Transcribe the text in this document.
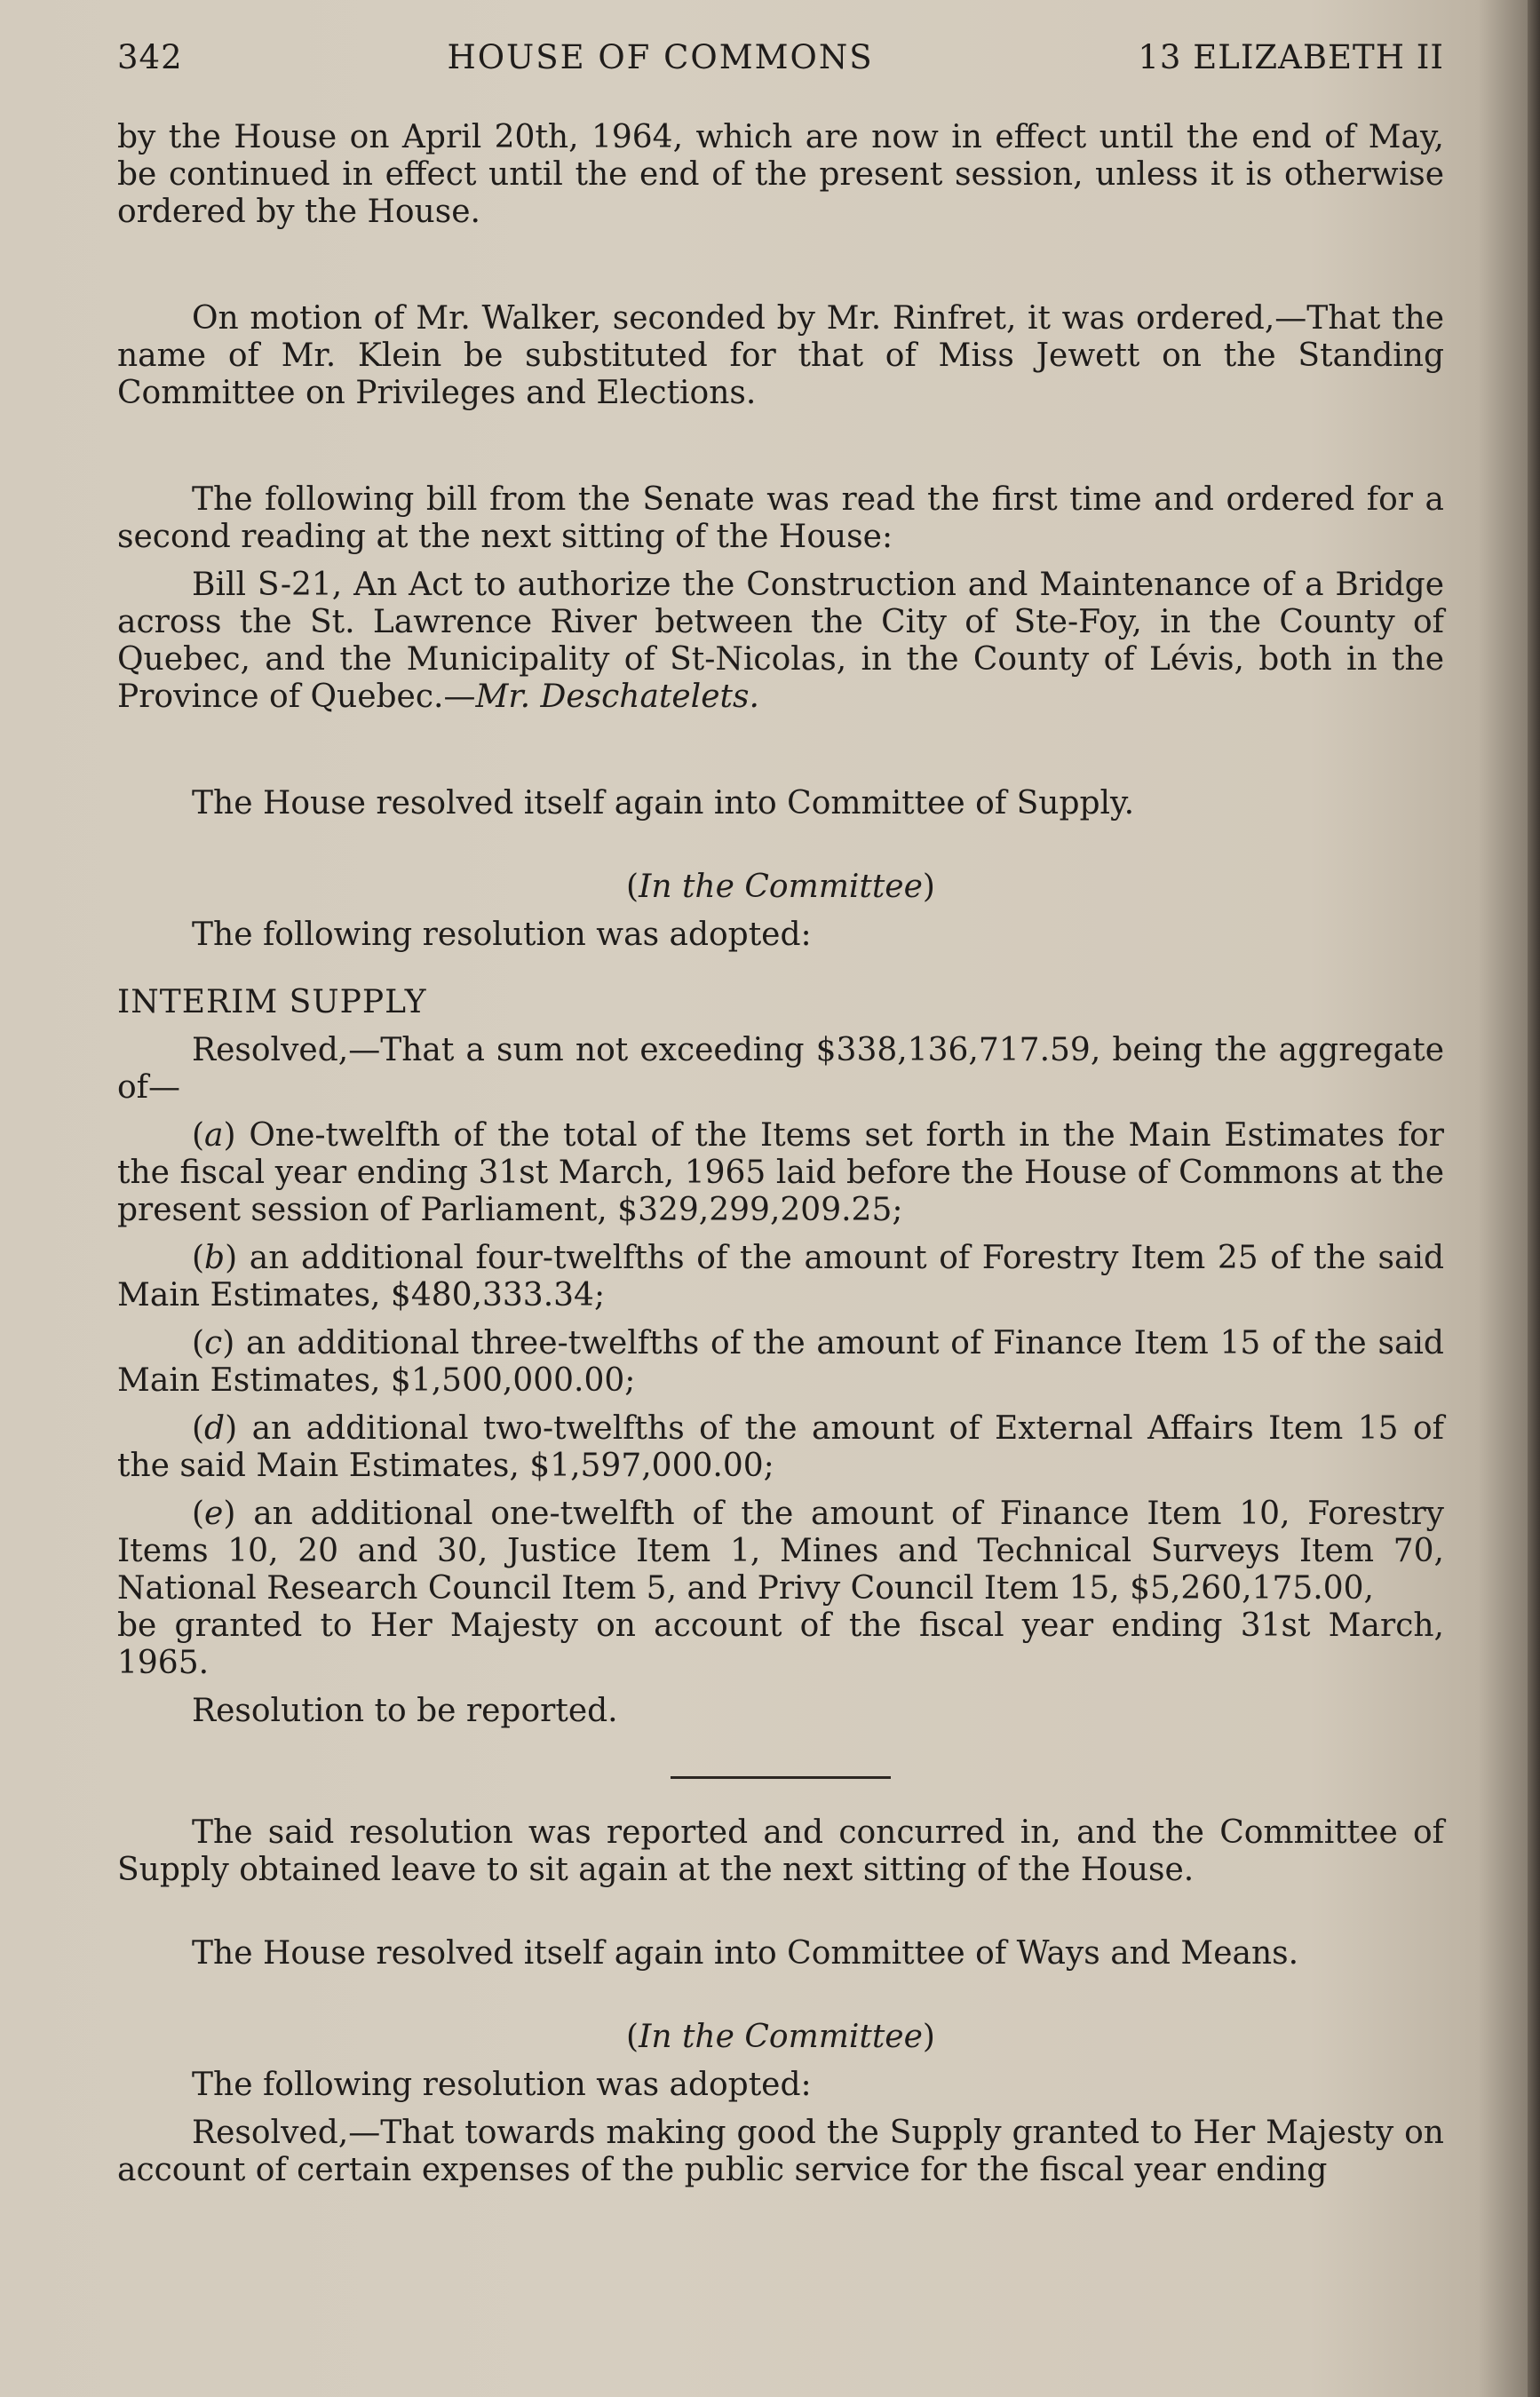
342	HOUSE OF COMMONS	13 ELIZABETH II

by the House on April 20th, 1964, which are now in effect until the end of May, be continued in effect until the end of the present session, unless it is otherwise ordered by the House.

On motion of Mr. Walker, seconded by Mr. Rinfret, it was ordered,—That the name of Mr. Klein be substituted for that of Miss Jewett on the Standing Committee on Privileges and Elections.

The following bill from the Senate was read the first time and ordered for a second reading at the next sitting of the House:

Bill S-21, An Act to authorize the Construction and Maintenance of a Bridge across the St. Lawrence River between the City of Ste-Foy, in the County of Quebec, and the Municipality of St-Nicolas, in the County of Lévis, both in the Province of Quebec.—Mr. Deschatelets.

The House resolved itself again into Committee of Supply.

(In the Committee)

The following resolution was adopted:

INTERIM SUPPLY

Resolved,—That a sum not exceeding $338,136,717.59, being the aggregate of—

(a) One-twelfth of the total of the Items set forth in the Main Estimates for the fiscal year ending 31st March, 1965 laid before the House of Commons at the present session of Parliament, $329,299,209.25;

(b) an additional four-twelfths of the amount of Forestry Item 25 of the said Main Estimates, $480,333.34;

(c) an additional three-twelfths of the amount of Finance Item 15 of the said Main Estimates, $1,500,000.00;

(d) an additional two-twelfths of the amount of External Affairs Item 15 of the said Main Estimates, $1,597,000.00;

(e) an additional one-twelfth of the amount of Finance Item 10, Forestry Items 10, 20 and 30, Justice Item 1, Mines and Technical Surveys Item 70, National Research Council Item 5, and Privy Council Item 15, $5,260,175.00,

be granted to Her Majesty on account of the fiscal year ending 31st March, 1965.

Resolution to be reported.

The said resolution was reported and concurred in, and the Committee of Supply obtained leave to sit again at the next sitting of the House.

The House resolved itself again into Committee of Ways and Means.

(In the Committee)

The following resolution was adopted:

Resolved,—That towards making good the Supply granted to Her Majesty on account of certain expenses of the public service for the fiscal year ending
